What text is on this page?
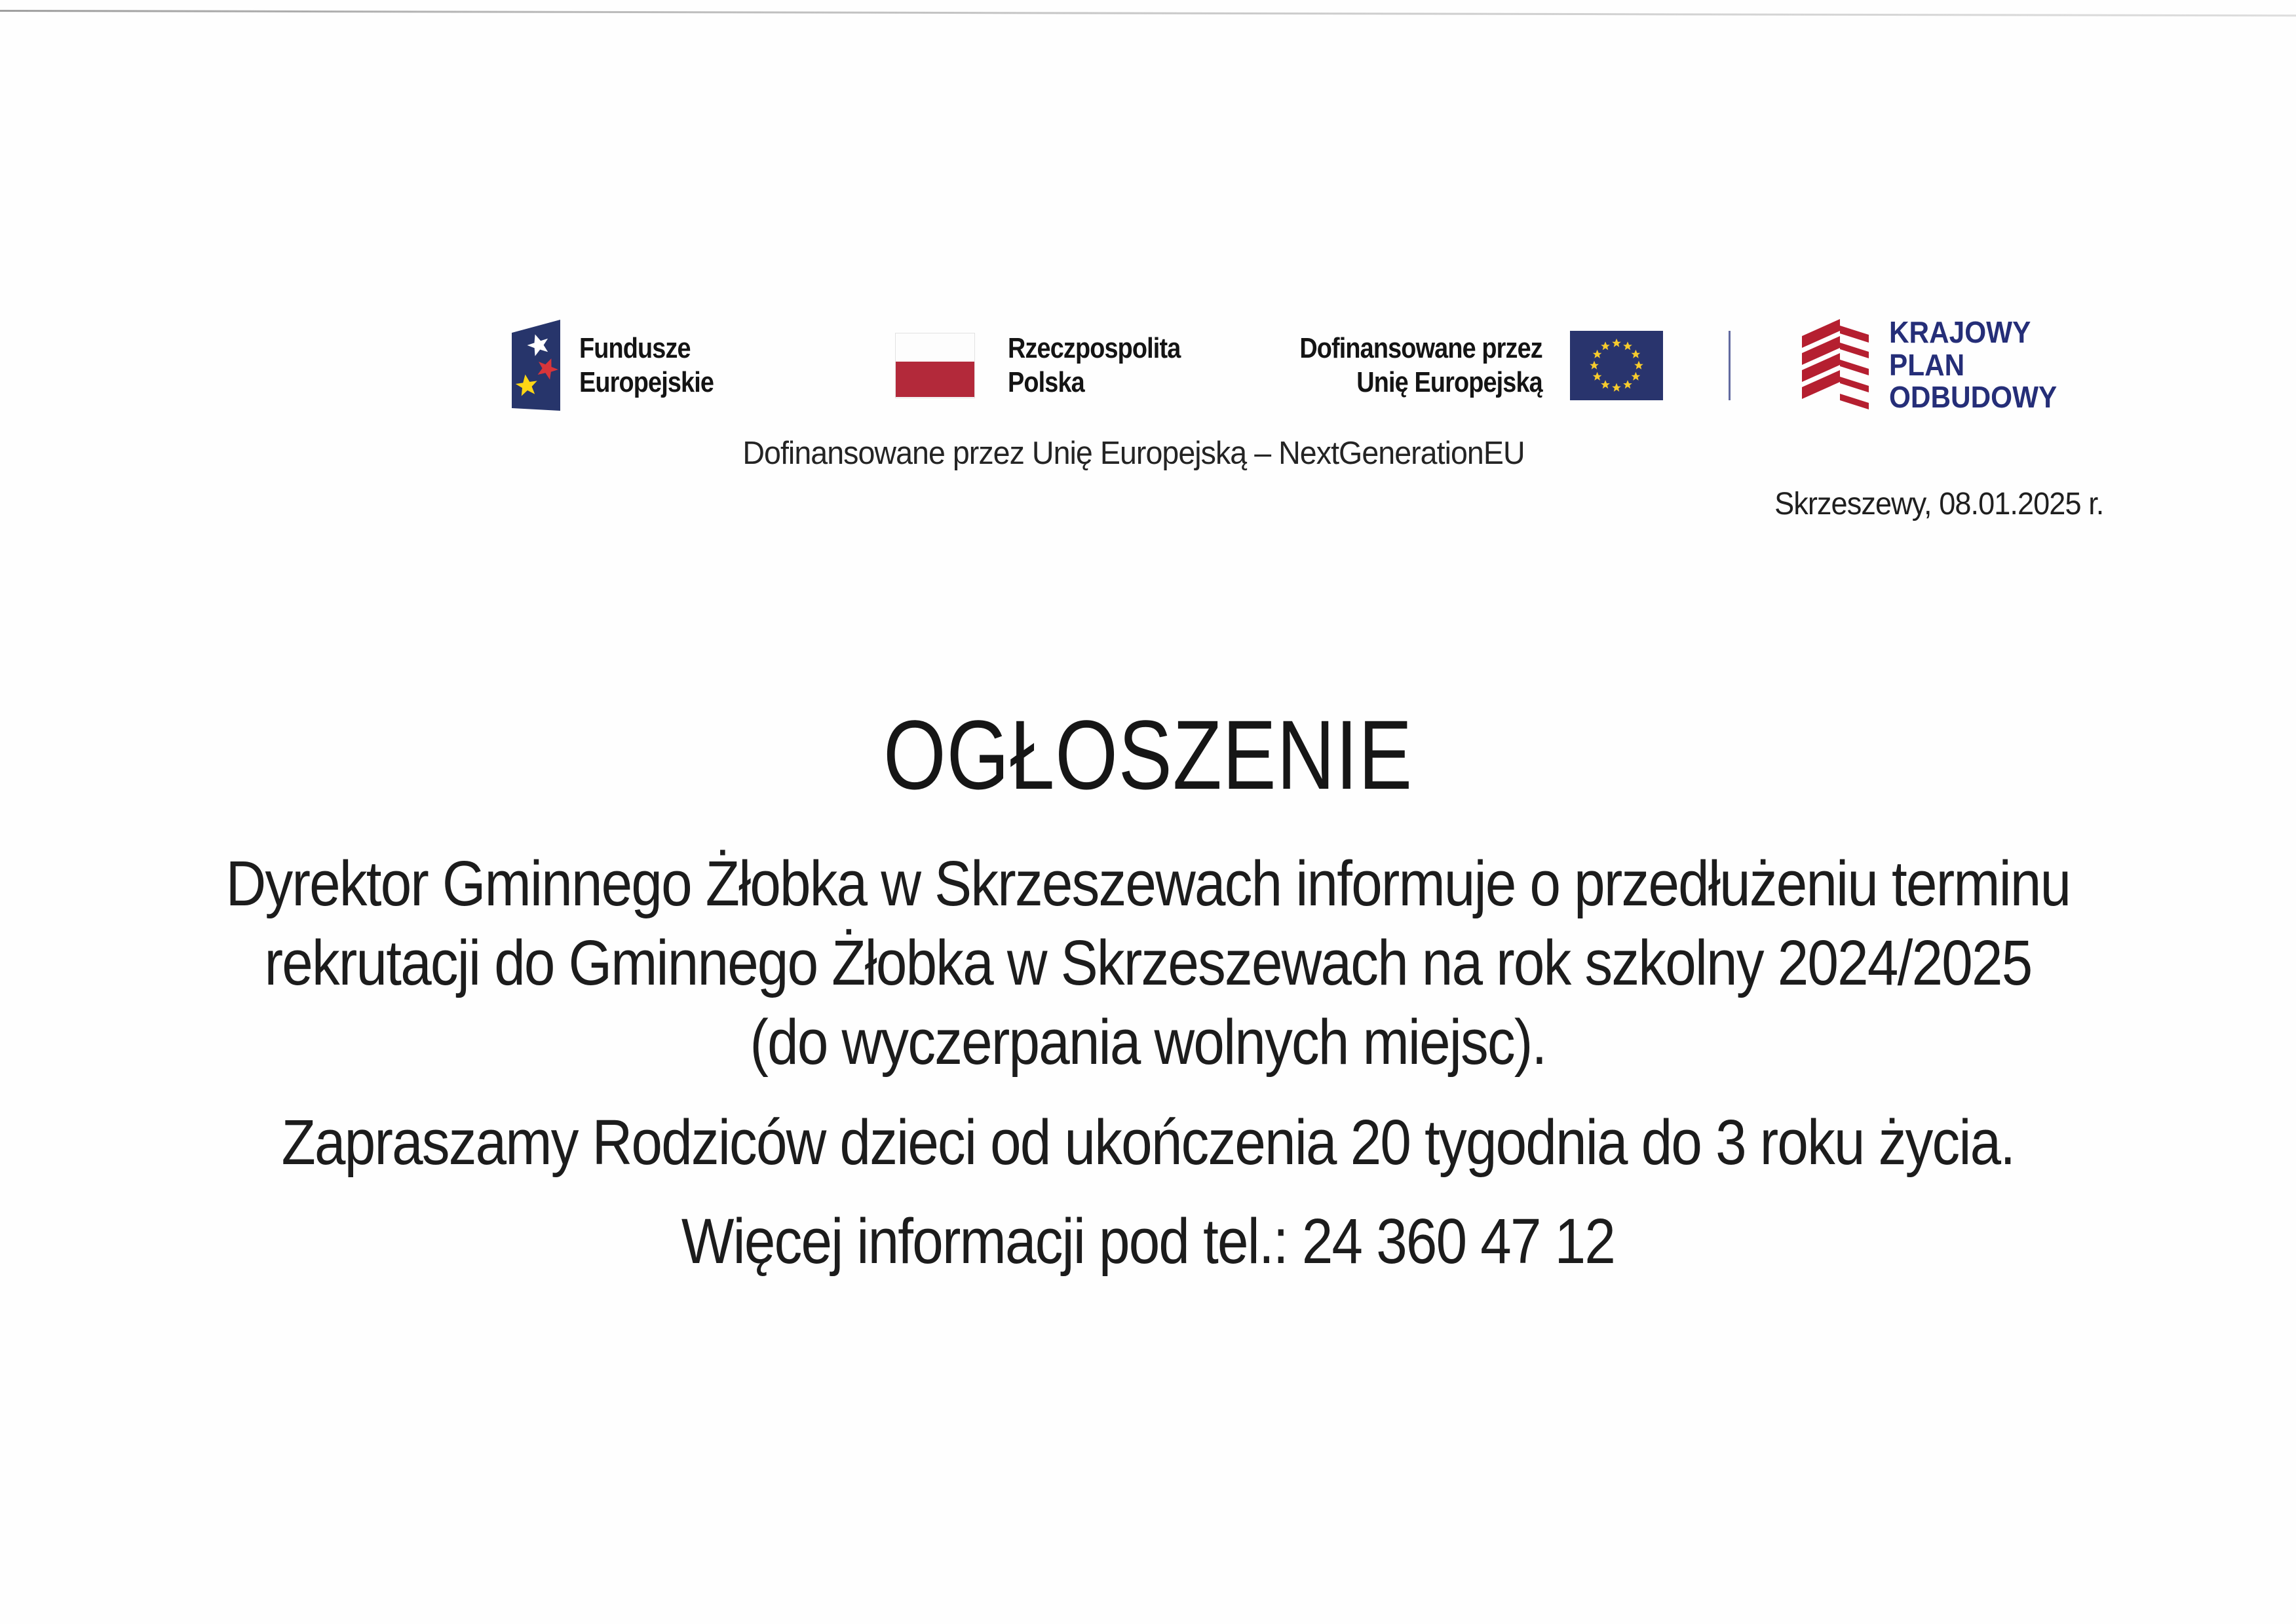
Fundusze
Europejskie
Rzeczpospolita
Polska
Dofinansowane przez
Unię Europejską
KRAJOWY
PLAN
ODBUDOWY
Dofinansowane przez Unię Europejską – NextGenerationEU
Skrzeszewy, 08.01.2025 r.
OGŁOSZENIE
Dyrektor Gminnego Żłobka w Skrzeszewach informuje o przedłużeniu terminu
rekrutacji do Gminnego Żłobka w Skrzeszewach na rok szkolny 2024/2025
(do wyczerpania wolnych miejsc).
Zapraszamy Rodziców dzieci od ukończenia 20 tygodnia do 3 roku życia.
Więcej informacji pod tel.: 24 360 47 12
